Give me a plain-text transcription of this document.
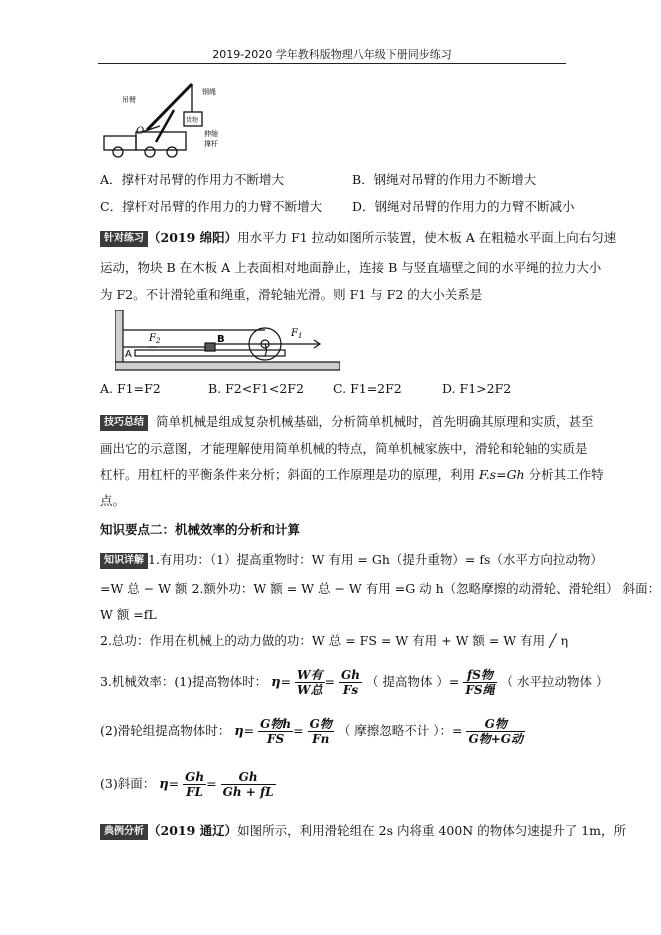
2019-2020 学年教科版物理八年级下册同步练习
O
吊臂
钢绳
货物
伸缩
撑杆
A．撑杆对吊臂的作用力不断增大	B．钢绳对吊臂的作用力不断增大
C．撑杆对吊臂的作用力的力臂不断增大 D．钢绳对吊臂的作用力的力臂不断减小
针对练习 （2019 绵阳）用水平力 F1 拉动如图所示装置，使木板 A 在粗糙水平面上向右匀速
运动，物块 B 在木板 A 上表面相对地面静止，连接 B 与竖直墙壁之间的水平绳的拉力大小
为 F2。不计滑轮重和绳重，滑轮轴光滑。则 F1 与 F2 的大小关系是
$F_2$
$F_1$
B
A
A. F1=F2	B. F2<F1<2F2 C. F1=2F2	D. F1>2F2
技巧总结 简单机械是组成复杂机械基础，分析简单机械时，首先明确其原理和实质，甚至
画出它的示意图，才能理解使用简单机械的特点，简单机械家族中，滑轮和轮轴的实质是
杠杆。用杠杆的平衡条件来分析；斜面的工作原理是功的原理，利用 F.s=Gh 分析其工作特
点。
知识要点二：机械效率的分析和计算
知识详解 1.有用功：（1）提高重物时：W 有用 = Gh（提升重物）= fs（水平方向拉动物）
=W 总 − W 额 2.额外功：W 额 = W 总 − W 有用 =G 动 h（忽略摩擦的动滑轮、滑轮组） 斜面：
W 额 =fL
2.总功：作用在机械上的动力做的功：W 总 = FS = W 有用 + W 额 = W 有用 ╱ η
3.机械效率：(1)提高物体时： $\eta= \frac{\text{W有}}{\text{W总}} = \frac{Gh}{Fs}$ （ 提高物体 ）= $\frac{\text{fS物}}{\text{FS绳}}$ （ 水平拉动物体 ）
(2)滑轮组提高物体时： $\eta= \frac{\text{G物h}}{FS} = \frac{\text{G物}}{Fn}$ （ 摩擦忽略不计 ）：= $\frac{\text{G物}}{\text{G物+G动}}$
(3)斜面： $\eta= \frac{Gh}{FL} = \frac{Gh}{Gh + fL}$
典例分析 （2019 通辽）如图所示，利用滑轮组在 2s 内将重 400N 的物体匀速提升了 1m，所
